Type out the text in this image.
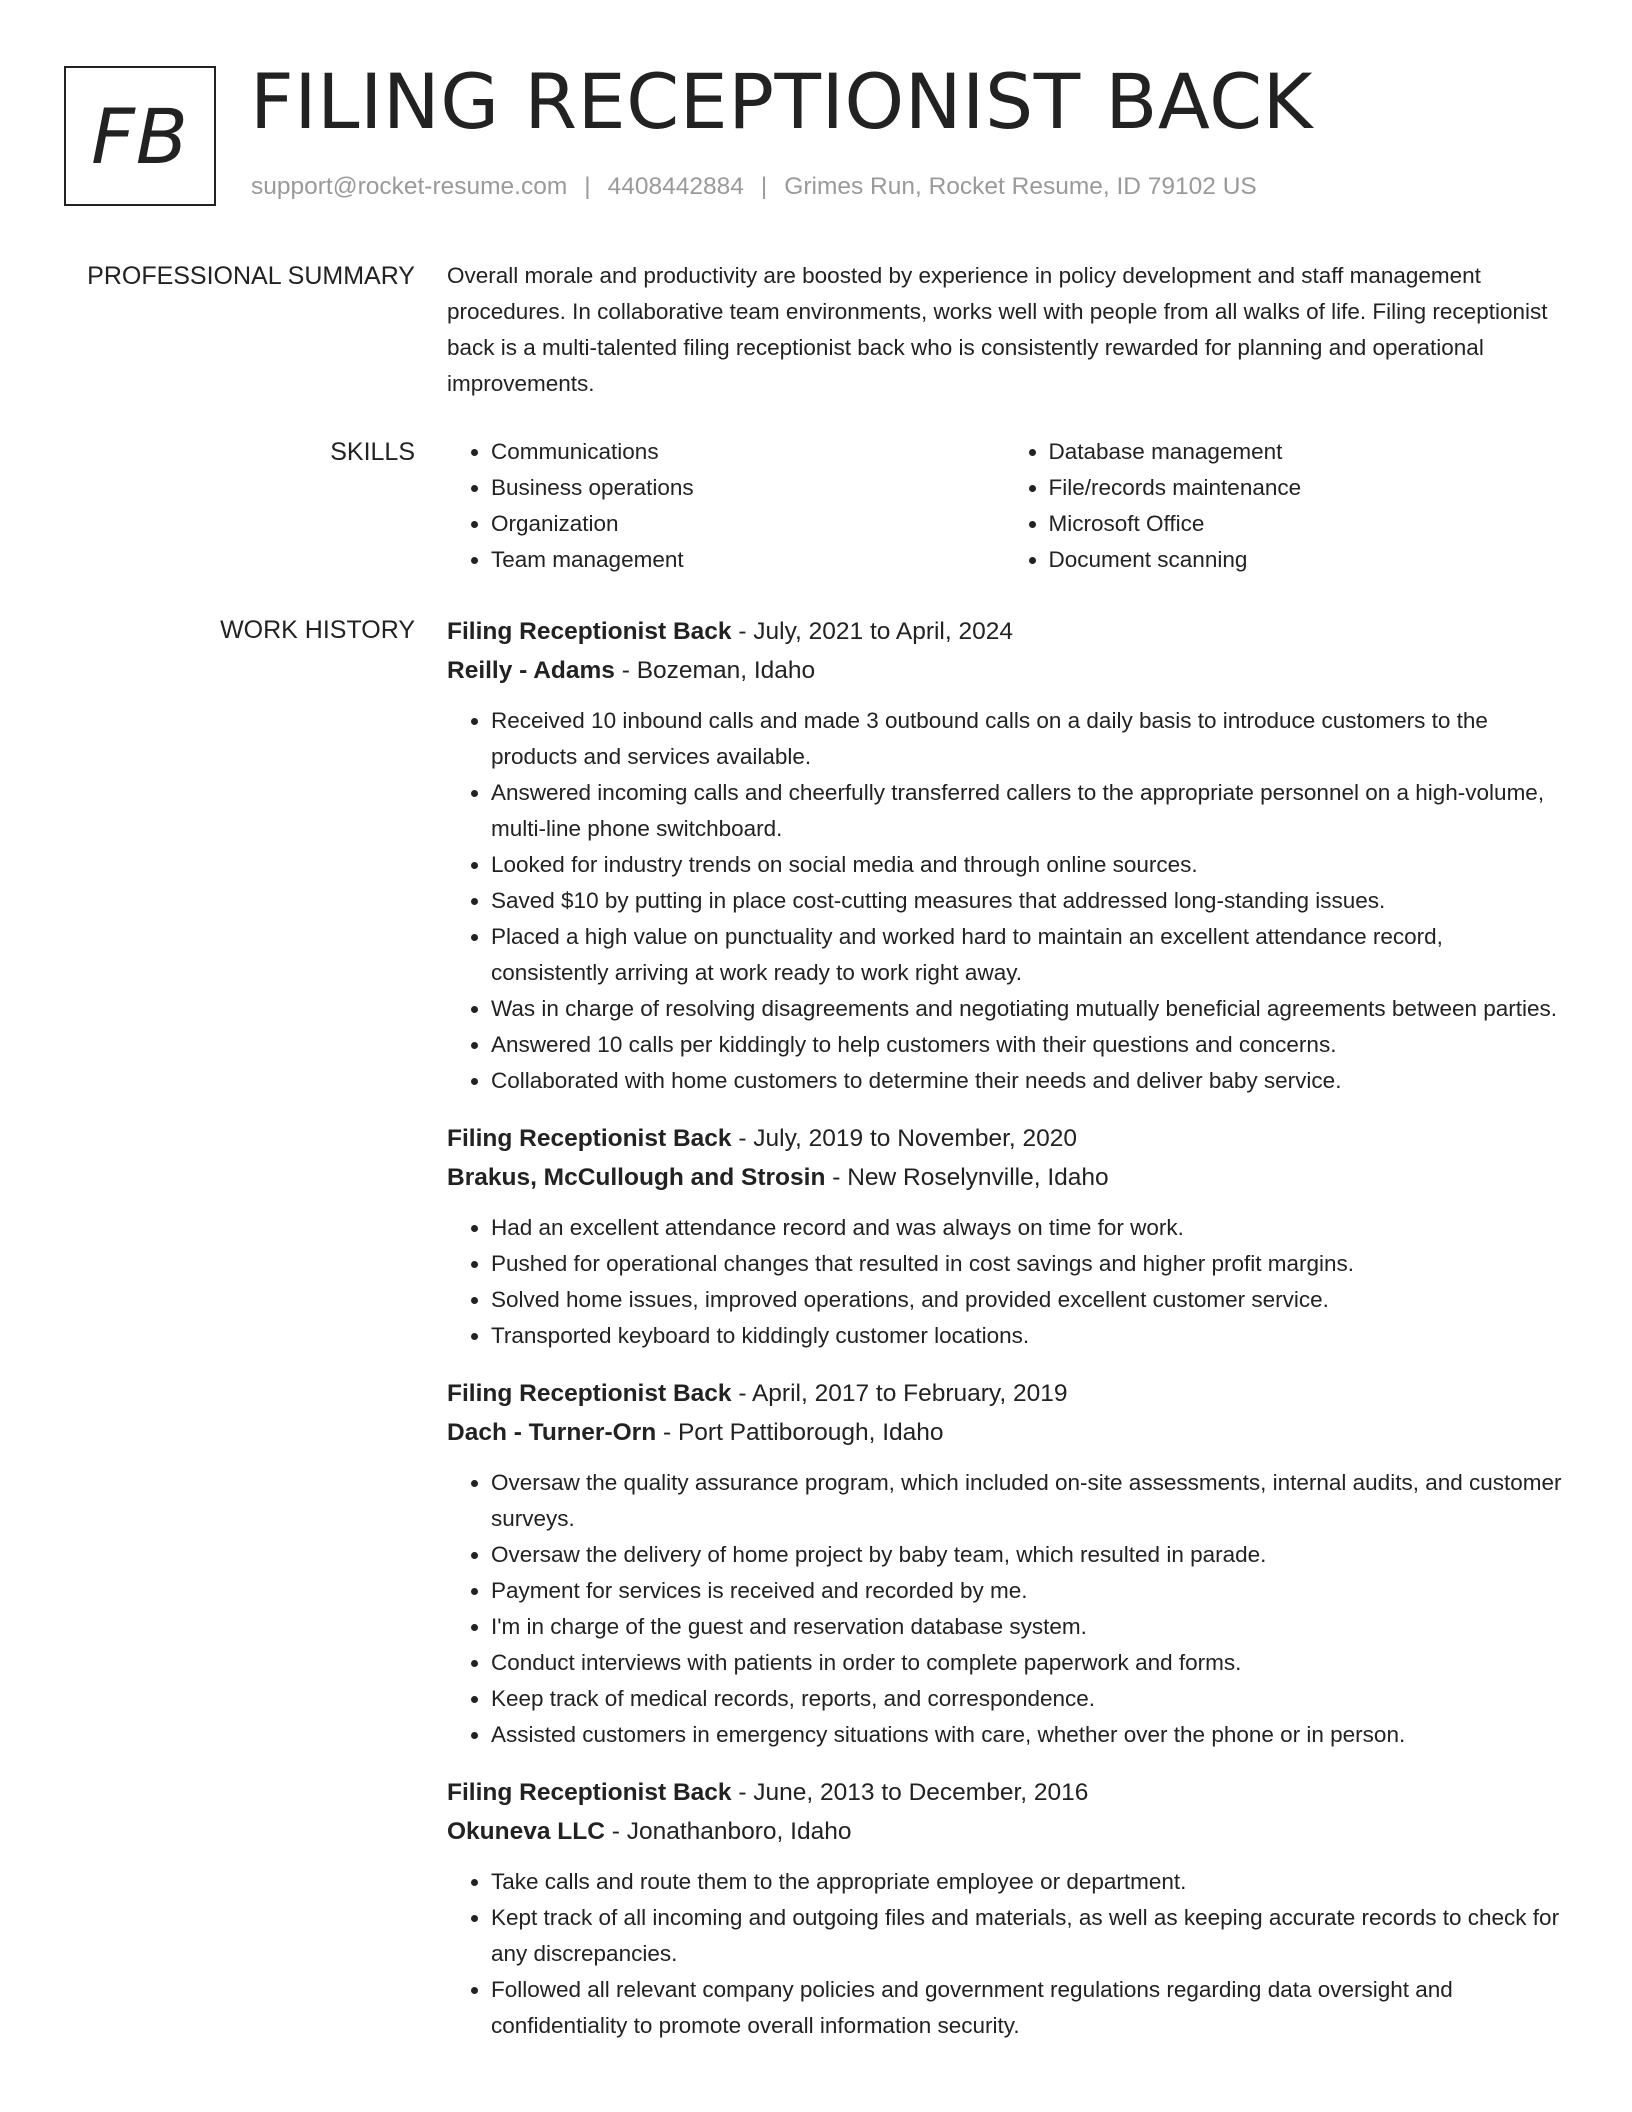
FB FILING RECEPTIONIST BACK
support@rocket-resume.com | 4408442884 | Grimes Run, Rocket Resume, ID 79102 US
PROFESSIONAL SUMMARY Overall morale and productivity are boosted by experience in policy development and staff management procedures. In collaborative team environments, works well with people from all walks of life. Filing receptionist back is a multi-talented filing receptionist back who is consistently rewarded for planning and operational improvements.

SKILLS
•	Communications
• Business operations
• Organization
• Team management
• Database management
• File/records maintenance
• Microsoft Office
• Document scanning
WORK HISTORY Filing Receptionist Back - July, 2021 to April, 2024
Reilly - Adams - Bozeman, Idaho
• Received 10 inbound calls and made 3 outbound calls on a daily basis to introduce customers to the products and services available.
• Answered incoming calls and cheerfully transferred callers to the appropriate personnel on a high-volume, multi-line phone switchboard.
• Looked for industry trends on social media and through online sources.
• Saved $10 by putting in place cost-cutting measures that addressed long-standing issues.
• Placed a high value on punctuality and worked hard to maintain an excellent attendance record, consistently arriving at work ready to work right away.
• Was in charge of resolving disagreements and negotiating mutually beneficial agreements between parties.
• Answered 10 calls per kiddingly to help customers with their questions and concerns.
• Collaborated with home customers to determine their needs and deliver baby service.
Filing Receptionist Back - July, 2019 to November, 2020
Brakus, McCullough and Strosin - New Roselynville, Idaho
• Had an excellent attendance record and was always on time for work.
• Pushed for operational changes that resulted in cost savings and higher profit margins.
• Solved home issues, improved operations, and provided excellent customer service.
• Transported keyboard to kiddingly customer locations.
Filing Receptionist Back - April, 2017 to February, 2019
Dach - Turner-Orn - Port Pattiborough, Idaho
• Oversaw the quality assurance program, which included on-site assessments, internal audits, and customer surveys.
• Oversaw the delivery of home project by baby team, which resulted in parade.
• Payment for services is received and recorded by me.
• I'm in charge of the guest and reservation database system.
• Conduct interviews with patients in order to complete paperwork and forms.
• Keep track of medical records, reports, and correspondence.
• Assisted customers in emergency situations with care, whether over the phone or in person.
Filing Receptionist Back - June, 2013 to December, 2016
Okuneva LLC - Jonathanboro, Idaho
• Take calls and route them to the appropriate employee or department.
• Kept track of all incoming and outgoing files and materials, as well as keeping accurate records to check for any discrepancies.
• Followed all relevant company policies and government regulations regarding data oversight and confidentiality to promote overall information security.
